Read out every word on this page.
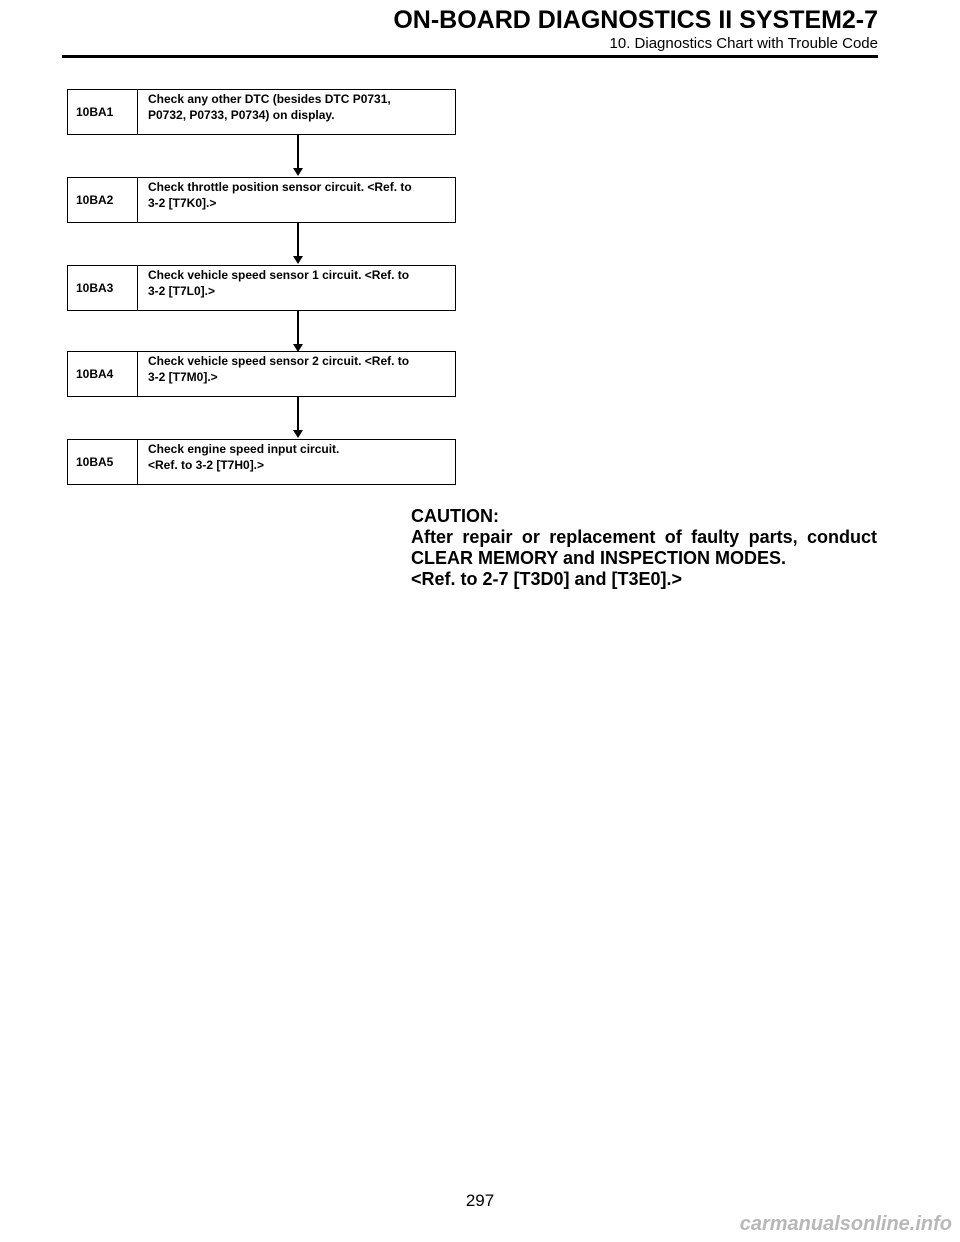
2-7
ON-BOARD DIAGNOSTICS II SYSTEM
10. Diagnostics Chart with Trouble Code
10BA1
Check any other DTC (besides DTC P0731,
P0732, P0733, P0734) on display.
10BA2
Check throttle position sensor circuit. <Ref. to
3-2 [T7K0].>
10BA3
Check vehicle speed sensor 1 circuit. <Ref. to
3-2 [T7L0].>
10BA4
Check vehicle speed sensor 2 circuit. <Ref. to
3-2 [T7M0].>
10BA5
Check engine speed input circuit.
<Ref. to 3-2 [T7H0].>
CAUTION:
After repair or replacement of faulty parts, conduct
CLEAR MEMORY and INSPECTION MODES.
<Ref. to 2-7 [T3D0] and [T3E0].>
297
carmanualsonline.info
